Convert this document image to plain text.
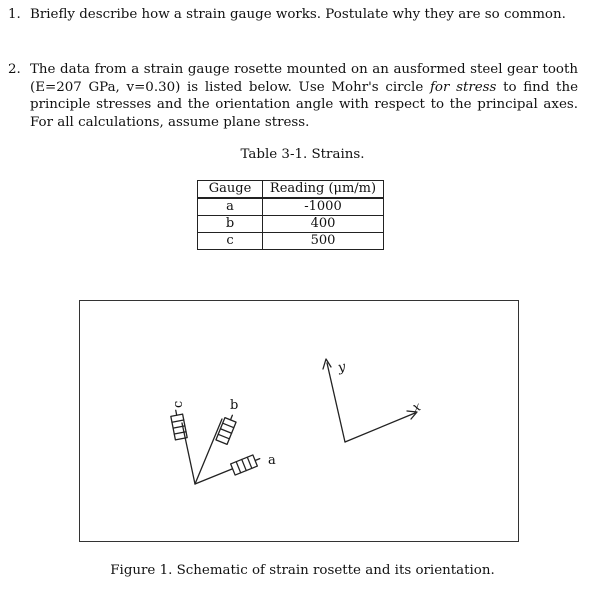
1. Briefly describe how a strain gauge works. Postulate why they are so common.
2. The data from a strain gauge rosette mounted on an ausformed steel gear tooth (E=207 GPa, v=0.30) is listed below. Use Mohr's circle for stress to find the principle stresses and the orientation angle with respect to the principal axes. For all calculations, assume plane stress.
Table 3-1. Strains.
Gauge	Reading (μm/m)
a	-1000
b	400
c	500
a
b
c
y
x
Figure 1. Schematic of strain rosette and its orientation.
